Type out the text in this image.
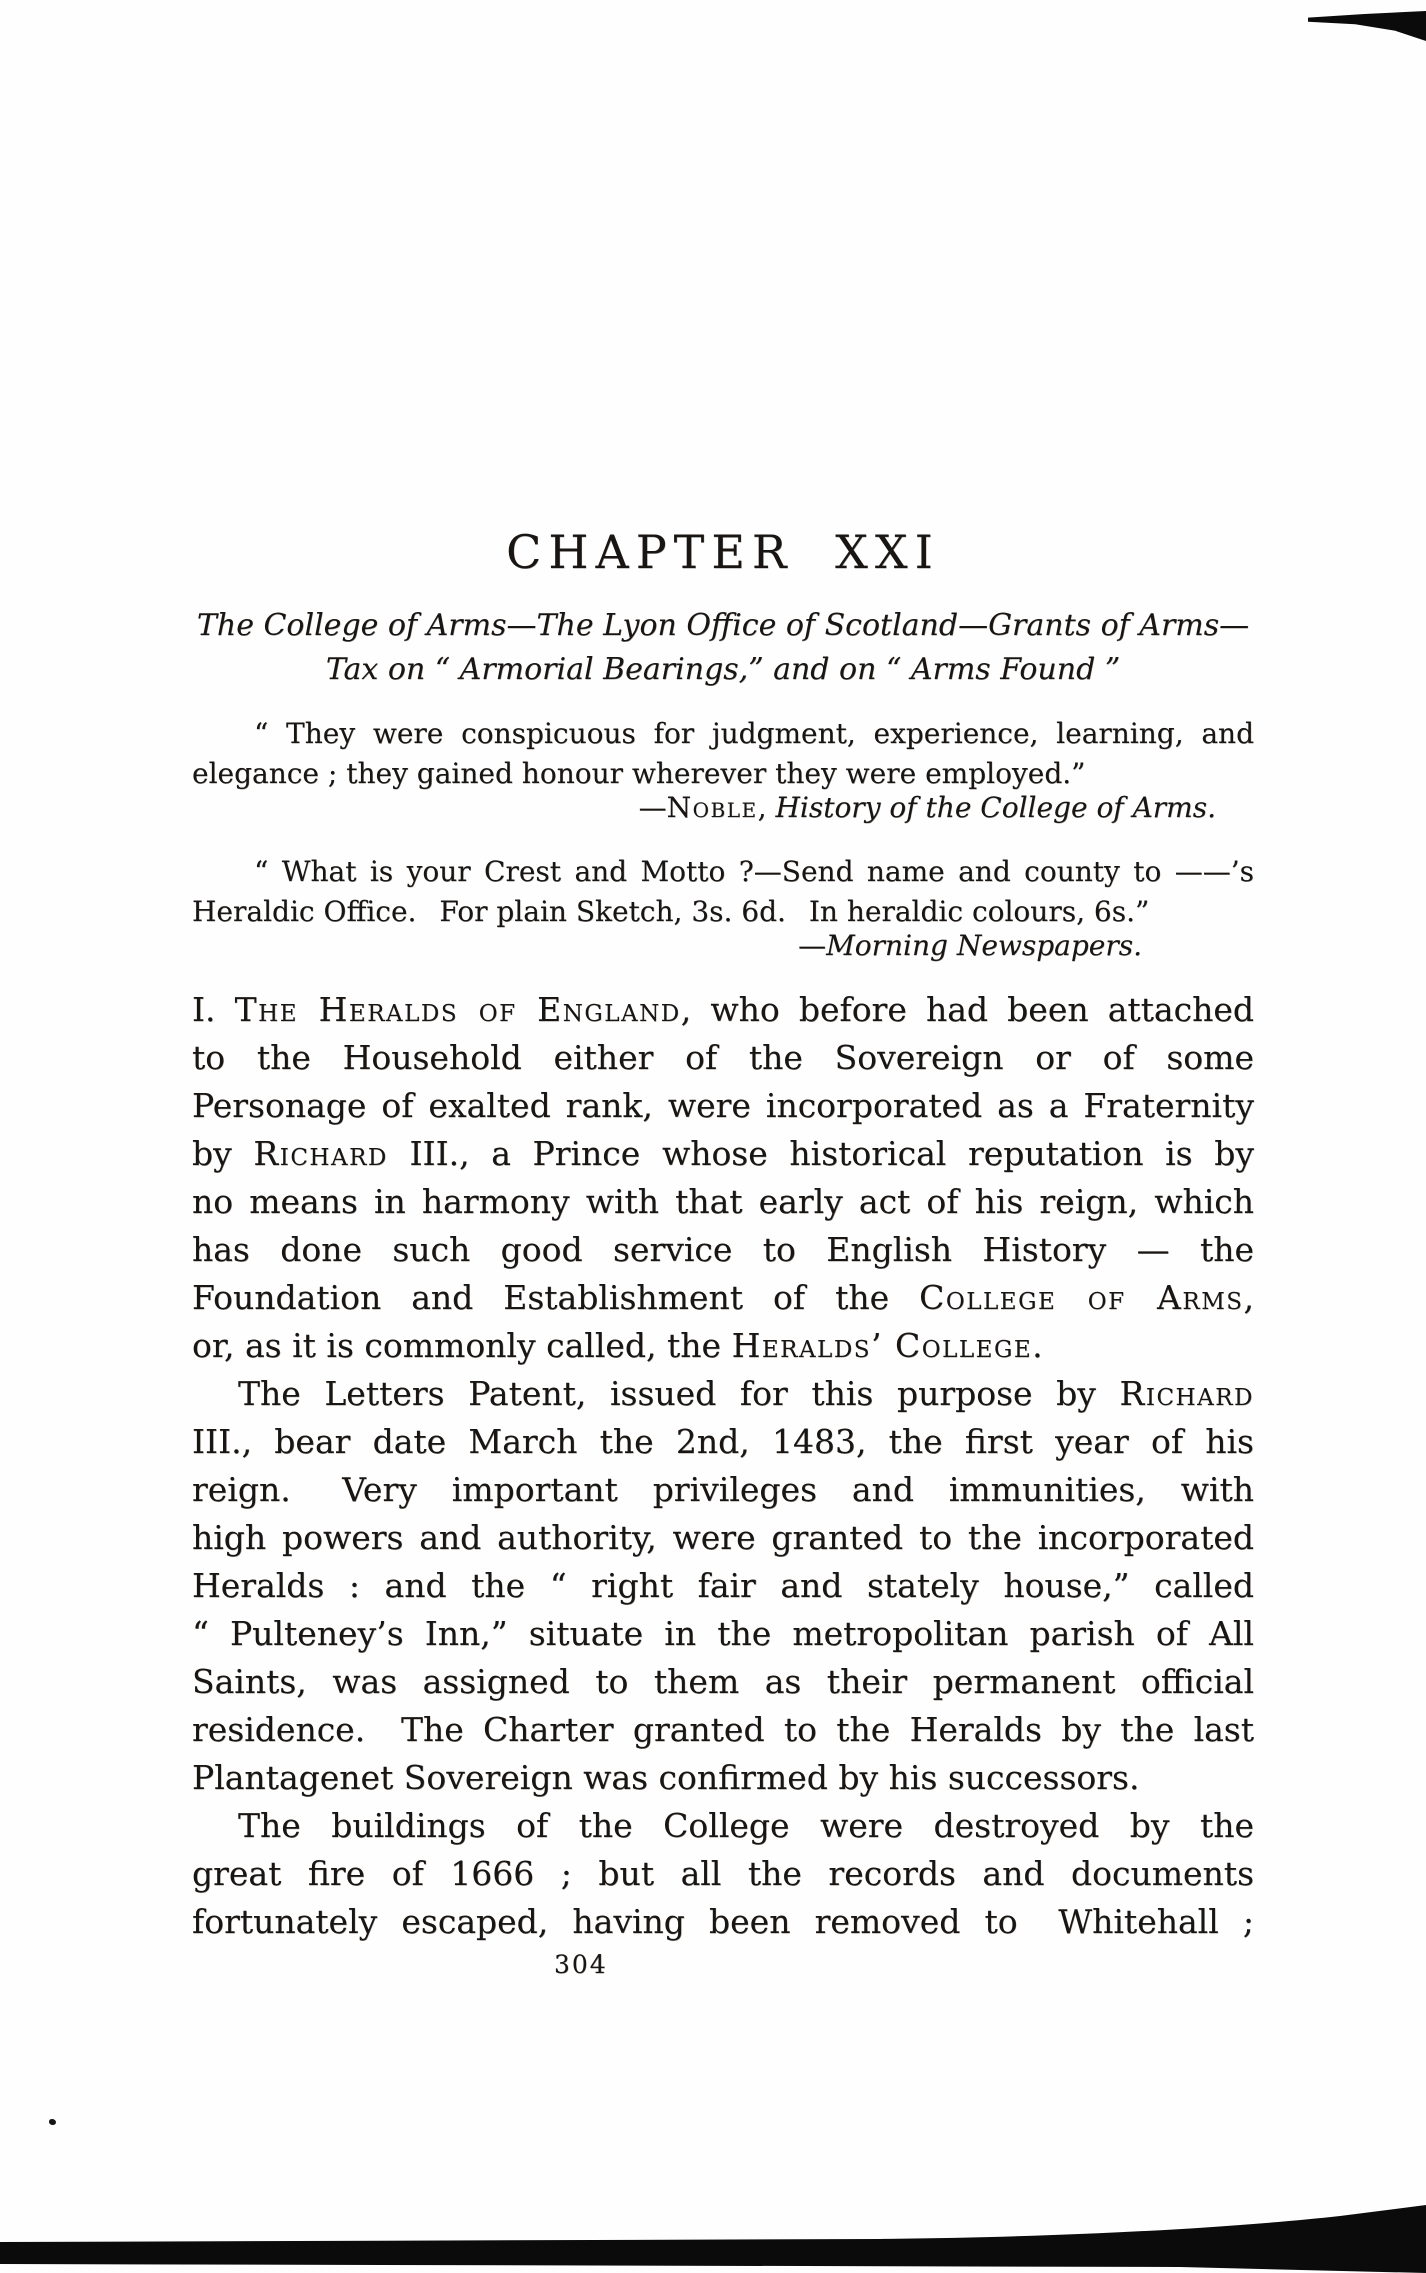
CHAPTER XXI
The College of Arms—The Lyon Office of Scotland—Grants of Arms—
Tax on “ Armorial Bearings,” and on “ Arms Found ”
“ They were conspicuous for judgment, experience, learning, and
elegance ; they gained honour wherever they were employed.”
—Noble, History of the College of Arms.
“ What is your Crest and Motto ?—Send name and county to ——’s
Heraldic Office.  For plain Sketch, 3s. 6d.  In heraldic colours, 6s.”
—Morning Newspapers.
I. The Heralds of England, who before had been attached
to the Household either of the Sovereign or of some
Personage of exalted rank, were incorporated as a Fraternity
by Richard III., a Prince whose historical reputation is by
no means in harmony with that early act of his reign, which
has done such good service to English History — the
Foundation and Establishment of the College of Arms,
or, as it is commonly called, the Heralds’ College.
The Letters Patent, issued for this purpose by Richard
III., bear date March the 2nd, 1483, the first year of his
reign.  Very important privileges and immunities, with
high powers and authority, were granted to the incorporated
Heralds : and the “ right fair and stately house,” called
“ Pulteney’s Inn,” situate in the metropolitan parish of All
Saints, was assigned to them as their permanent official
residence.  The Charter granted to the Heralds by the last
Plantagenet Sovereign was confirmed by his successors.
The buildings of the College were destroyed by the
great fire of 1666 ; but all the records and documents
fortunately escaped, having been removed to  Whitehall ;
304
